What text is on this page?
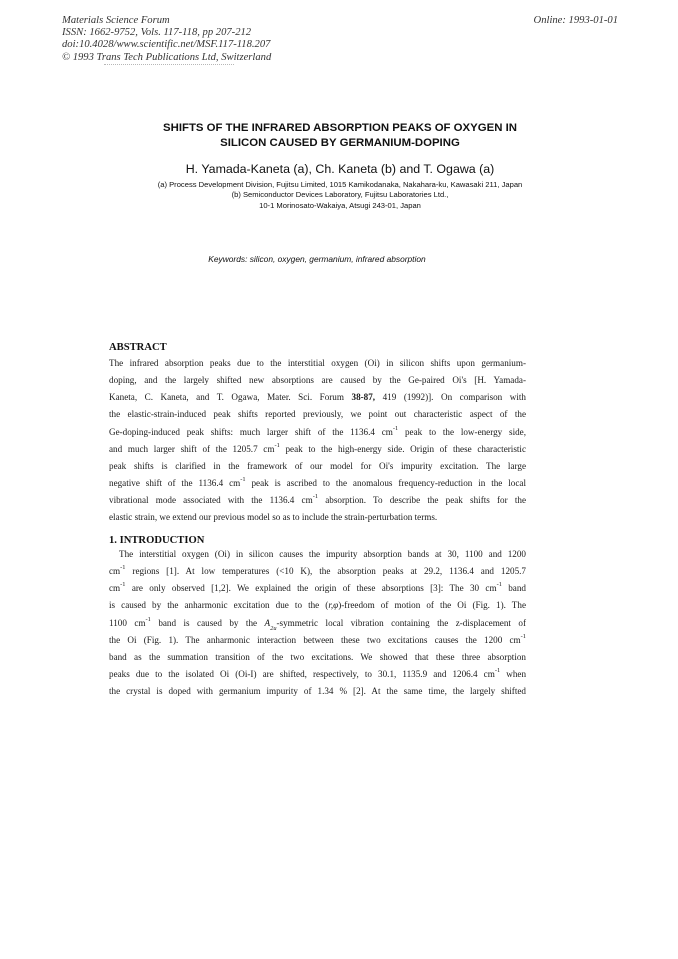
Materials Science Forum
ISSN: 1662-9752, Vols. 117-118, pp 207-212
doi:10.4028/www.scientific.net/MSF.117-118.207
© 1993 Trans Tech Publications Ltd, Switzerland
Online: 1993-01-01
SHIFTS OF THE INFRARED ABSORPTION PEAKS OF OXYGEN IN
SILICON CAUSED BY GERMANIUM-DOPING
H. Yamada-Kaneta (a), Ch. Kaneta (b) and T. Ogawa (a)
(a) Process Development Division, Fujitsu Limited, 1015 Kamikodanaka, Nakahara-ku, Kawasaki 211, Japan
(b) Semiconductor Devices Laboratory, Fujitsu Laboratories Ltd.,
10-1 Morinosato-Wakaiya, Atsugi 243-01, Japan
Keywords: silicon, oxygen, germanium, infrared absorption
ABSTRACT
The infrared absorption peaks due to the interstitial oxygen (Oi) in silicon shifts upon germanium-
doping, and the largely shifted new absorptions are caused by the Ge-paired Oi's [H. Yamada-
Kaneta, C. Kaneta, and T. Ogawa, Mater. Sci. Forum 38-87, 419 (1992)]. On comparison with
the elastic-strain-induced peak shifts reported previously, we point out characteristic aspect of the
Ge-doping-induced peak shifts: much larger shift of the 1136.4 $cm^{-1}$ peak to the low-energy side,
and much larger shift of the 1205.7 $cm^{-1}$ peak to the high-energy side. Origin of these characteristic
peak shifts is clarified in the framework of our model for Oi's impurity excitation. The large
negative shift of the 1136.4 $cm^{-1}$ peak is ascribed to the anomalous frequency-reduction in the local
vibrational mode associated with the 1136.4 $cm^{-1}$ absorption. To describe the peak shifts for the
elastic strain, we extend our previous model so as to include the strain-perturbation terms.
1. INTRODUCTION
The interstitial oxygen (Oi) in silicon causes the impurity absorption bands at 30, 1100 and 1200
$cm^{-1}$ regions [1]. At low temperatures (<10 K), the absorption peaks at 29.2, 1136.4 and 1205.7
$cm^{-1}$ are only observed [1,2]. We explained the origin of these absorptions [3]: The 30 $cm^{-1}$ band
is caused by the anharmonic excitation due to the (r,φ)-freedom of motion of the Oi (Fig. 1). The
1100 $cm^{-1}$ band is caused by the $A_{2u}$-symmetric local vibration containing the z-displacement of
the Oi (Fig. 1). The anharmonic interaction between these two excitations causes the 1200 $cm^{-1}$
band as the summation transition of the two excitations. We showed that these three absorption
peaks due to the isolated Oi (Oi-I) are shifted, respectively, to 30.1, 1135.9 and 1206.4 $cm^{-1}$ when
the crystal is doped with germanium impurity of 1.34 % [2]. At the same time, the largely shifted
